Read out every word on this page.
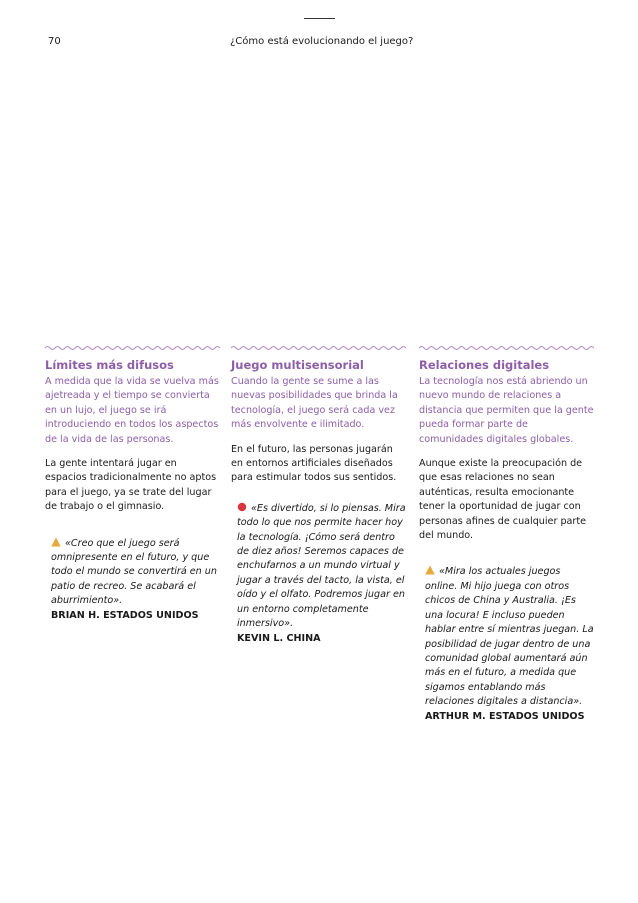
70	¿Cómo está evolucionando el juego?
Límites más difusos

A medida que la vida se vuelva más ajetreada y el tiempo se convierta en un lujo, el juego se irá introduciendo en todos los aspectos de la vida de las personas.

La gente intentará jugar en espacios tradicionalmente no aptos para el juego, ya se trate del lugar de trabajo o el gimnasio.

«Creo que el juego será omnipresente en el futuro, y que todo el mundo se convertirá en un patio de recreo. Se acabará el aburrimiento».

BRIAN H. ESTADOS UNIDOS

Juego multisensorial

Cuando la gente se sume a las nuevas posibilidades que brinda la tecnología, el juego será cada vez más envolvente e ilimitado.

En el futuro, las personas jugarán en entornos artificiales diseñados para estimular todos sus sentidos.

«Es divertido, si lo piensas. Mira todo lo que nos permite hacer hoy la tecnología. ¡Cómo será dentro de diez años! Seremos capaces de enchufarnos a un mundo virtual y jugar a través del tacto, la vista, el oído y el olfato. Podremos jugar en un entorno completamente inmersivo».

KEVIN L. CHINA

Relaciones digitales

La tecnología nos está abriendo un nuevo mundo de relaciones a distancia que permiten que la gente pueda formar parte de comunidades digitales globales.

Aunque existe la preocupación de que esas relaciones no sean auténticas, resulta emocionante tener la oportunidad de jugar con personas afines de cualquier parte del mundo.

«Mira los actuales juegos online. Mi hijo juega con otros chicos de China y Australia. ¡Es una locura! E incluso pueden hablar entre sí mientras juegan. La posibilidad de jugar dentro de una comunidad global aumentará aún más en el futuro, a medida que sigamos entablando más relaciones digitales a distancia».

ARTHUR M. ESTADOS UNIDOS
